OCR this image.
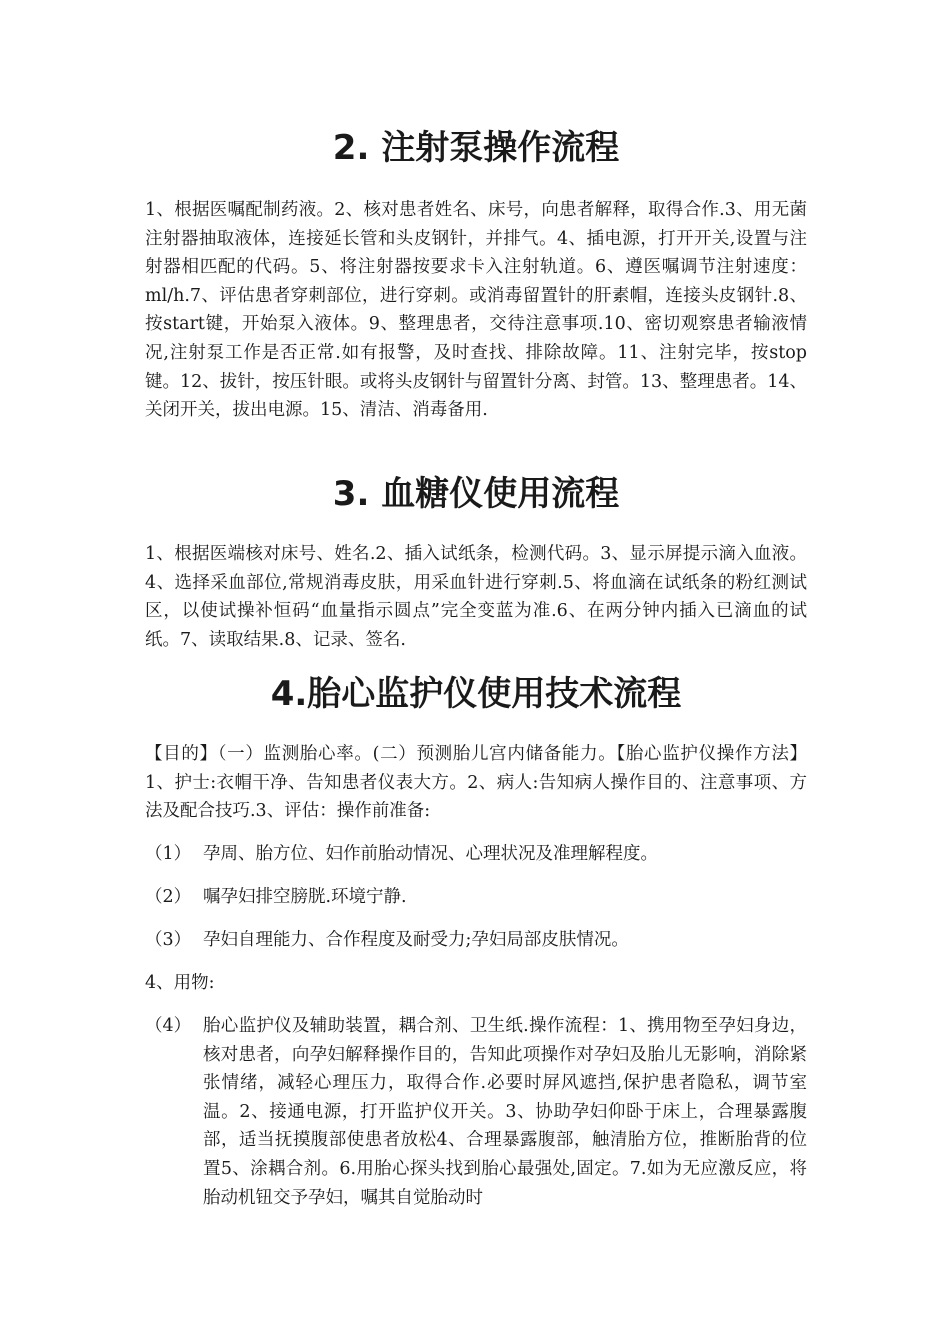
2. 注射泵操作流程

1、根据医嘱配制药液。2、核对患者姓名、床号，向患者解释，取得合作.3、用无菌注射器抽取液体，连接延长管和头皮钢针，并排气。4、插电源，打开开关,设置与注射器相匹配的代码。5、将注射器按要求卡入注射轨道。6、遵医嘱调节注射速度：ml/h.7、评估患者穿刺部位，进行穿刺。或消毒留置针的肝素帽，连接头皮钢针.8、按start键，开始泵入液体。9、整理患者，交待注意事项.10、密切观察患者输液情况,注射泵工作是否正常.如有报警，及时查找、排除故障。11、注射完毕，按stop键。12、拔针，按压针眼。或将头皮钢针与留置针分离、封管。13、整理患者。14、关闭开关，拔出电源。15、清洁、消毒备用.

3. 血糖仪使用流程

1、根据医端核对床号、姓名.2、插入试纸条，检测代码。3、显示屏提示滴入血液。4、选择采血部位,常规消毒皮肤，用采血针进行穿刺.5、将血滴在试纸条的粉红测试区，以使试操补恒码“血量指示圆点”完全变蓝为准.6、在两分钟内插入已滴血的试纸。7、读取结果.8、记录、签名.

4.胎心监护仪使用技术流程

【目的】（一）监测胎心率。(二）预测胎儿宫内储备能力。【胎心监护仪操作方法】1、护士:衣帽干净、告知患者仪表大方。2、病人:告知病人操作目的、注意事项、方法及配合技巧.3、评估：操作前准备:

（1） 孕周、胎方位、妇作前胎动情况、心理状况及准理解程度。
（2） 嘱孕妇排空膀胱.环境宁静.
（3） 孕妇自理能力、合作程度及耐受力;孕妇局部皮肤情况。

4、用物:

（4） 胎心监护仪及辅助装置，耦合剂、卫生纸.操作流程：1、携用物至孕妇身边，核对患者，向孕妇解释操作目的，告知此项操作对孕妇及胎儿无影响，消除紧张情绪，减轻心理压力，取得合作.必要时屏风遮挡,保护患者隐私，调节室温。2、接通电源，打开监护仪开关。3、协助孕妇仰卧于床上，合理暴露腹部，适当抚摸腹部使患者放松4、合理暴露腹部，触清胎方位，推断胎背的位置5、涂耦合剂。6.用胎心探头找到胎心最强处,固定。7.如为无应激反应，将胎动机钮交予孕妇，嘱其自觉胎动时
